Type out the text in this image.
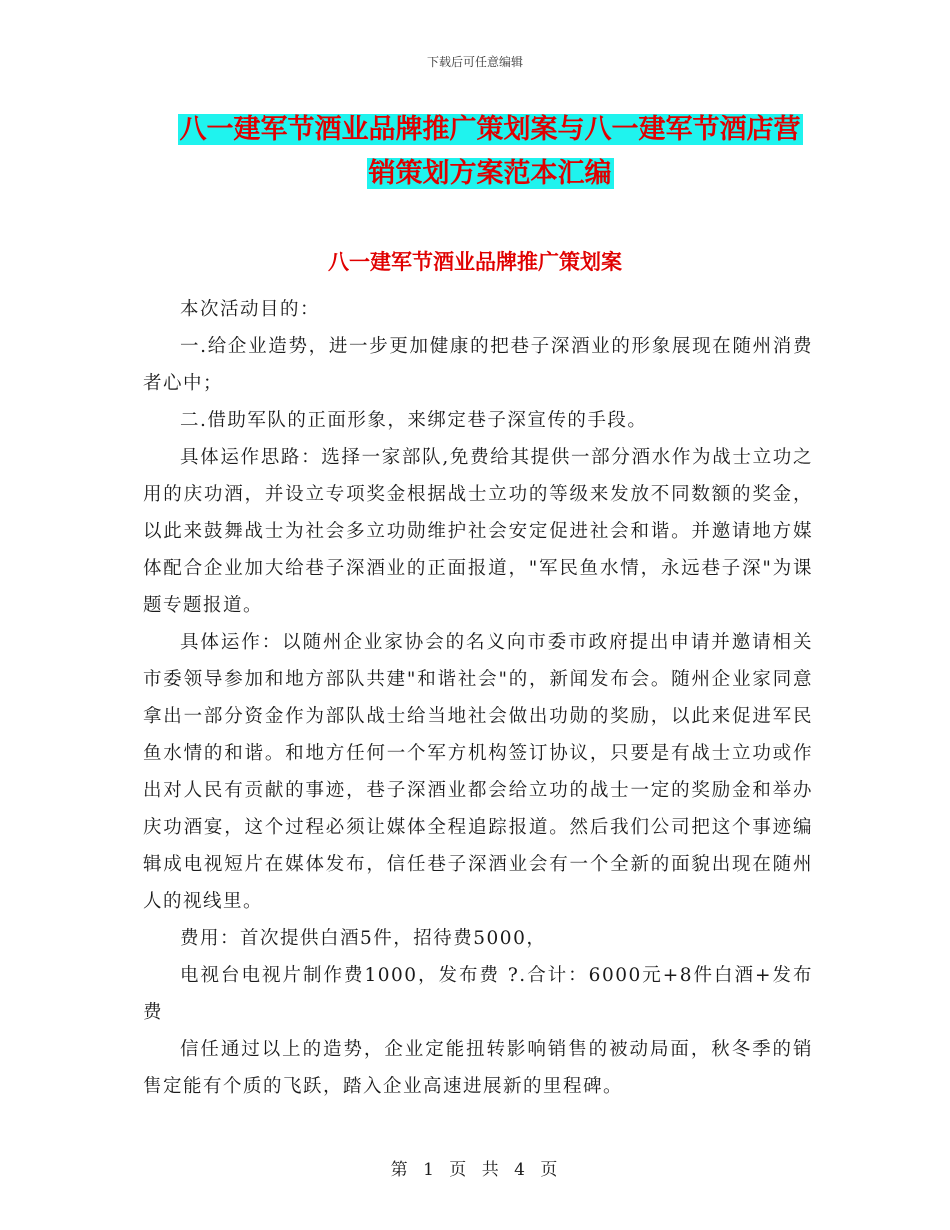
下载后可任意编辑
八一建军节酒业品牌推广策划案与八一建军节酒店营
销策划方案范本汇编
八一建军节酒业品牌推广策划案

本次活动目的：

一.给企业造势，进一步更加健康的把巷子深酒业的形象展现在随州消费者心中；

二.借助军队的正面形象，来绑定巷子深宣传的手段。

具体运作思路：选择一家部队,免费给其提供一部分酒水作为战士立功之用的庆功酒，并设立专项奖金根据战士立功的等级来发放不同数额的奖金，以此来鼓舞战士为社会多立功勋维护社会安定促进社会和谐。并邀请地方媒体配合企业加大给巷子深酒业的正面报道，"军民鱼水情，永远巷子深"为课题专题报道。

具体运作：以随州企业家协会的名义向市委市政府提出申请并邀请相关市委领导参加和地方部队共建"和谐社会"的，新闻发布会。随州企业家同意拿出一部分资金作为部队战士给当地社会做出功勋的奖励，以此来促进军民鱼水情的和谐。和地方任何一个军方机构签订协议，只要是有战士立功或作出对人民有贡献的事迹，巷子深酒业都会给立功的战士一定的奖励金和举办庆功酒宴，这个过程必须让媒体全程追踪报道。然后我们公司把这个事迹编辑成电视短片在媒体发布，信任巷子深酒业会有一个全新的面貌出现在随州人的视线里。

费用：首次提供白酒5件，招待费5000，

电视台电视片制作费1000，发布费 ?.合计：6000元+8件白酒+发布费

信任通过以上的造势，企业定能扭转影响销售的被动局面，秋冬季的销售定能有个质的飞跃，踏入企业高速进展新的里程碑。

第 1 页 共 4 页
